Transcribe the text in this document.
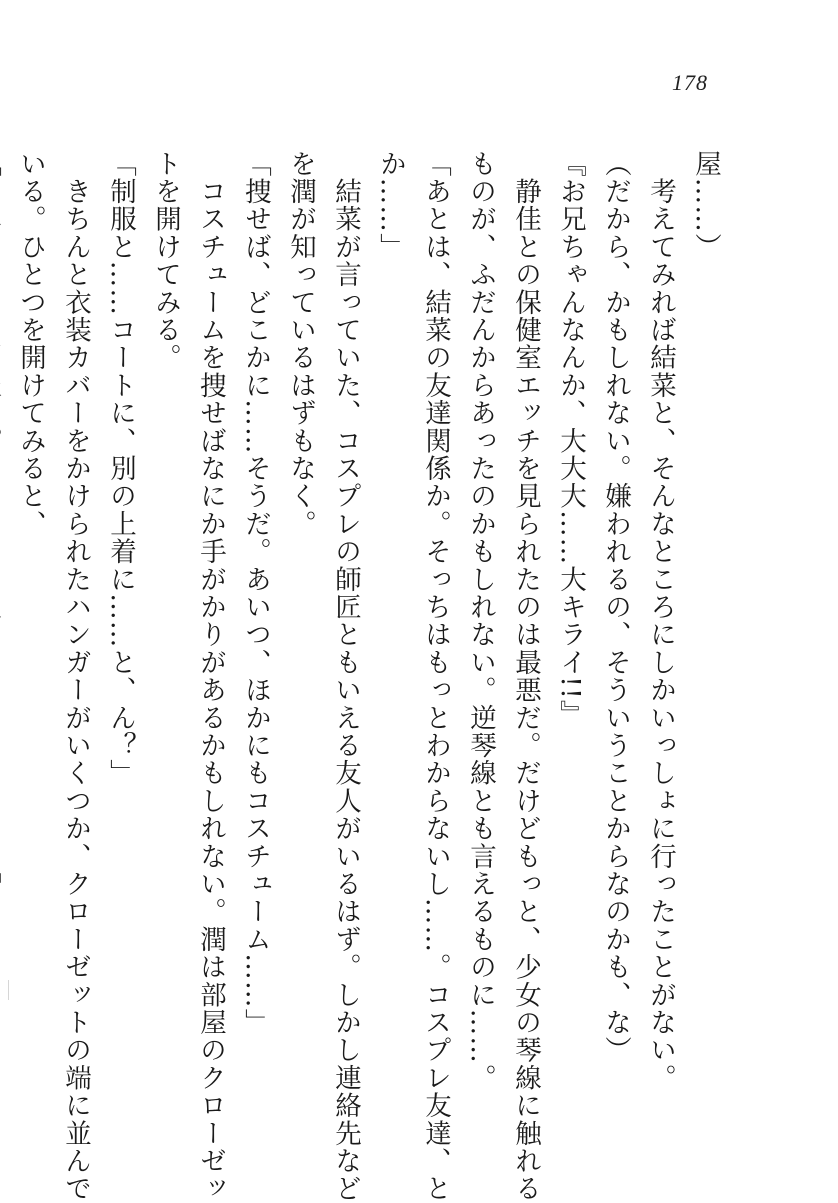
178
屋……）
　考えてみれば結菜と、そんなところにしかいっしょに行ったことがない。
（だから、かもしれない。嫌われるの、そういうことからなのかも、な）
『お兄ちゃんなんか、大大大……大キライ!!』
　静佳との保健室エッチを見られたのは最悪だ。だけどもっと、少女の琴線に触れる
ものが、ふだんからあったのかもしれない。逆琴線とも言えるものに……。
「あとは、結菜の友達関係か。そっちはもっとわからないし……。コスプレ友達、と
か……」
　結菜が言っていた、コスプレの師匠ともいえる友人がいるはず。しかし連絡先など
を潤が知っているはずもなく。
「捜せば、どこかに……そうだ。あいつ、ほかにもコスチューム……」
　コスチュームを捜せばなにか手がかりがあるかもしれない。潤は部屋のクローゼッ
トを開けてみる。
「制服と……コートに、別の上着に……と、ん？」
　きちんと衣装カバーをかけられたハンガーがいくつか、クローゼットの端に並んで
いる。ひとつを開けてみると、
